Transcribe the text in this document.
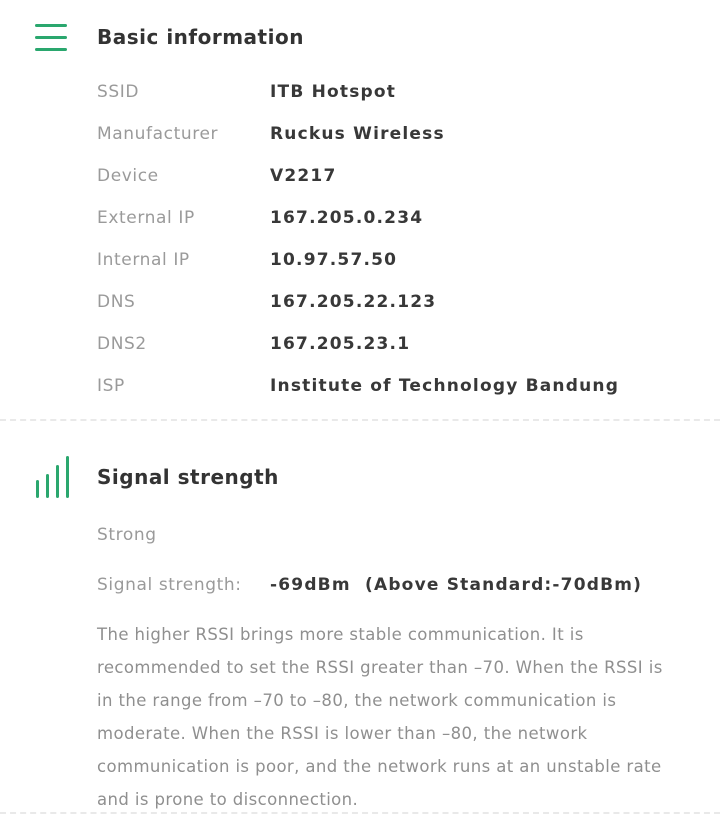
Basic information
SSID	ITB Hotspot
Manufacturer	Ruckus Wireless
Device	V2217
External IP	167.205.0.234
Internal IP	10.97.57.50
DNS	167.205.22.123
DNS2	167.205.23.1
ISP	Institute of Technology Bandung
Signal strength
Strong
Signal strength:	-69dBm  (Above Standard:-70dBm)
The higher RSSI brings more stable communication. It is recommended to set the RSSI greater than –70. When the RSSI is in the range from –70 to –80, the network communication is moderate. When the RSSI is lower than –80, the network communication is poor, and the network runs at an unstable rate and is prone to disconnection.
